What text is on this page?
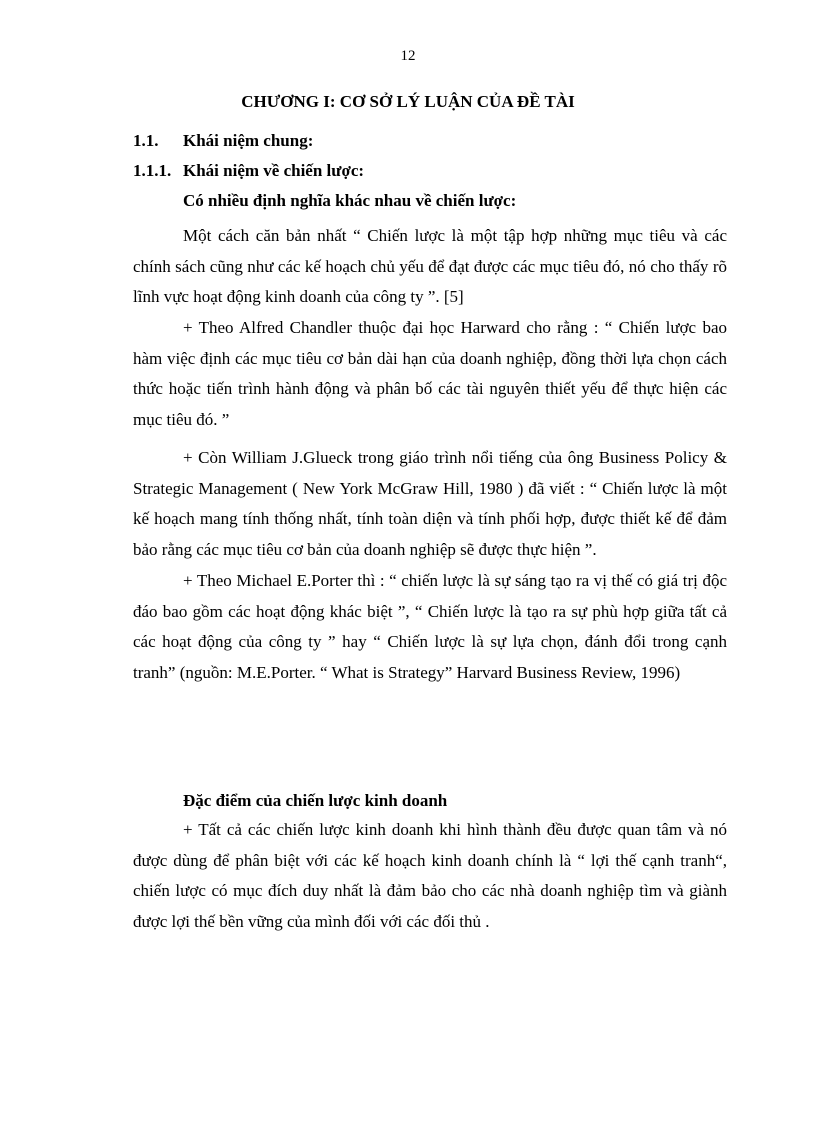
12
CHƯƠNG I: CƠ SỞ LÝ LUẬN CỦA ĐỀ TÀI
1.1. Khái niệm chung:
1.1.1. Khái niệm về chiến lược:
Có nhiều định nghĩa khác nhau về chiến lược:

Một cách căn bản nhất “ Chiến lược là một tập hợp những mục tiêu và các chính sách cũng như các kế hoạch chủ yếu để đạt được các mục tiêu đó, nó cho thấy rõ lĩnh vực hoạt động kinh doanh của công ty ”. [5]

+ Theo Alfred Chandler thuộc đại học Harward cho rằng : “ Chiến lược bao hàm việc định các mục tiêu cơ bản dài hạn của doanh nghiệp, đồng thời lựa chọn cách thức hoặc tiến trình hành động và phân bố các tài nguyên thiết yếu để thực hiện các mục tiêu đó. ”

+ Còn William J.Glueck trong giáo trình nổi tiếng của ông Business Policy & Strategic Management ( New York McGraw Hill, 1980 ) đã viết : “ Chiến lược là một kế hoạch mang tính thống nhất, tính toàn diện và tính phối hợp, được thiết kế để đảm bảo rằng các mục tiêu cơ bản của doanh nghiệp sẽ được thực hiện ”.

+ Theo Michael E.Porter thì : “ chiến lược là sự sáng tạo ra vị thế có giá trị độc đáo bao gồm các hoạt động khác biệt ”, “ Chiến lược là tạo ra sự phù hợp giữa tất cả các hoạt động của công ty ” hay “ Chiến lược là sự lựa chọn, đánh đổi trong cạnh tranh” (nguồn: M.E.Porter. “ What is Strategy” Harvard Business Review, 1996)

Đặc điểm của chiến lược kinh doanh

+ Tất cả các chiến lược kinh doanh khi hình thành đều được quan tâm và nó được dùng để phân biệt với các kế hoạch kinh doanh chính là “ lợi thế cạnh tranh“, chiến lược có mục đích duy nhất là đảm bảo cho các nhà doanh nghiệp tìm và giành được lợi thế bền vững của mình đối với các đối thủ .
